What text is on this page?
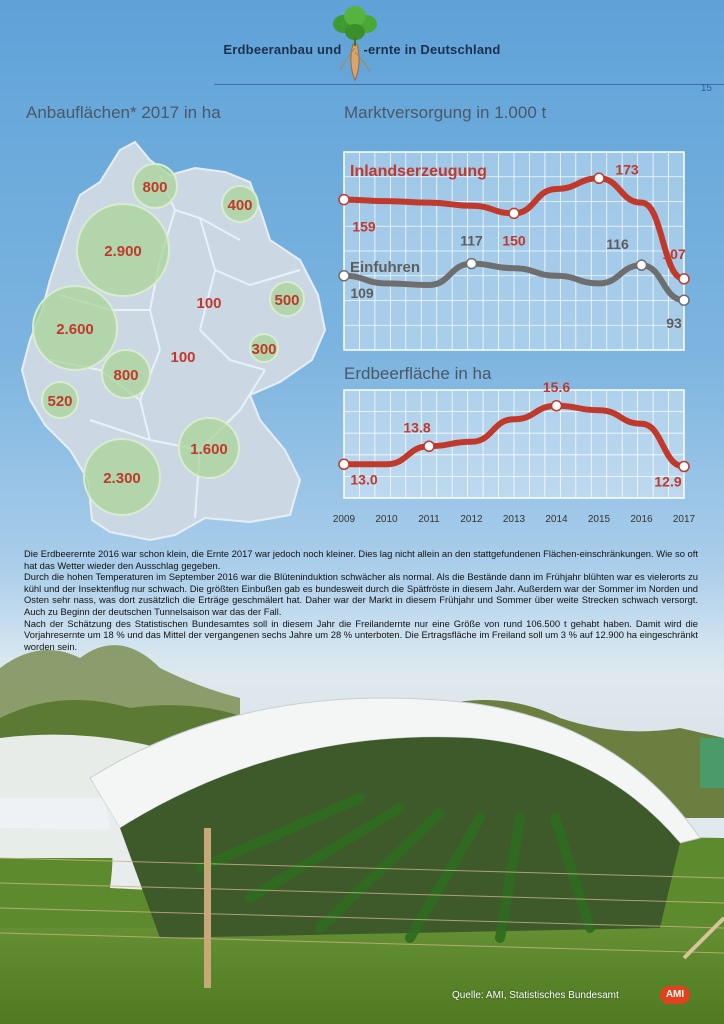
Erdbeeranbau und -ernte in Deutschland
15
Anbauflächen* 2017 in ha	Marktversorgung in 1.000 t
Erdbeerfläche in ha
800
400
2.900
500
100
2.600
300
100
800
520
1.600
2.300
159
150
173
107
109
117	116
93
Inlandserzeugung
Einfuhren
13.0
13.8
15.6
12.9
2009 2010 2011 2012 2013 2014 2015 2016 2017

Die Erdbeerernte 2016 war schon klein, die Ernte 2017 war jedoch noch kleiner. Dies lag nicht allein an den stattgefundenen Flächen-einschränkungen. Wie so oft hat das Wetter wieder den Ausschlag gegeben.

Durch die hohen Temperaturen im September 2016 war die Blüteninduktion schwächer als normal. Als die Bestände dann im Frühjahr blühten war es vielerorts zu kühl und der Insektenflug nur schwach. Die größten Einbußen gab es bundesweit durch die Spätfröste in diesem Jahr. Außerdem war der Sommer im Norden und Osten sehr nass, was dort zusätzlich die Erträge geschmälert hat. Daher war der Markt in diesem Frühjahr und Sommer über weite Strecken schwach versorgt. Auch zu Beginn der deutschen Tunnelsaison war das der Fall.

Nach der Schätzung des Statistischen Bundesamtes soll in diesem Jahr die Freilandernte nur eine Größe von rund 106.500 t gehabt haben. Damit wird die Vorjahresernte um 18 % und das Mittel der vergangenen sechs Jahre um 28 % unterboten. Die Ertragsfläche im Freiland soll um 3 % auf 12.900 ha eingeschränkt worden sein.

Quelle: AMI, Statistisches Bundesamt	AMI
